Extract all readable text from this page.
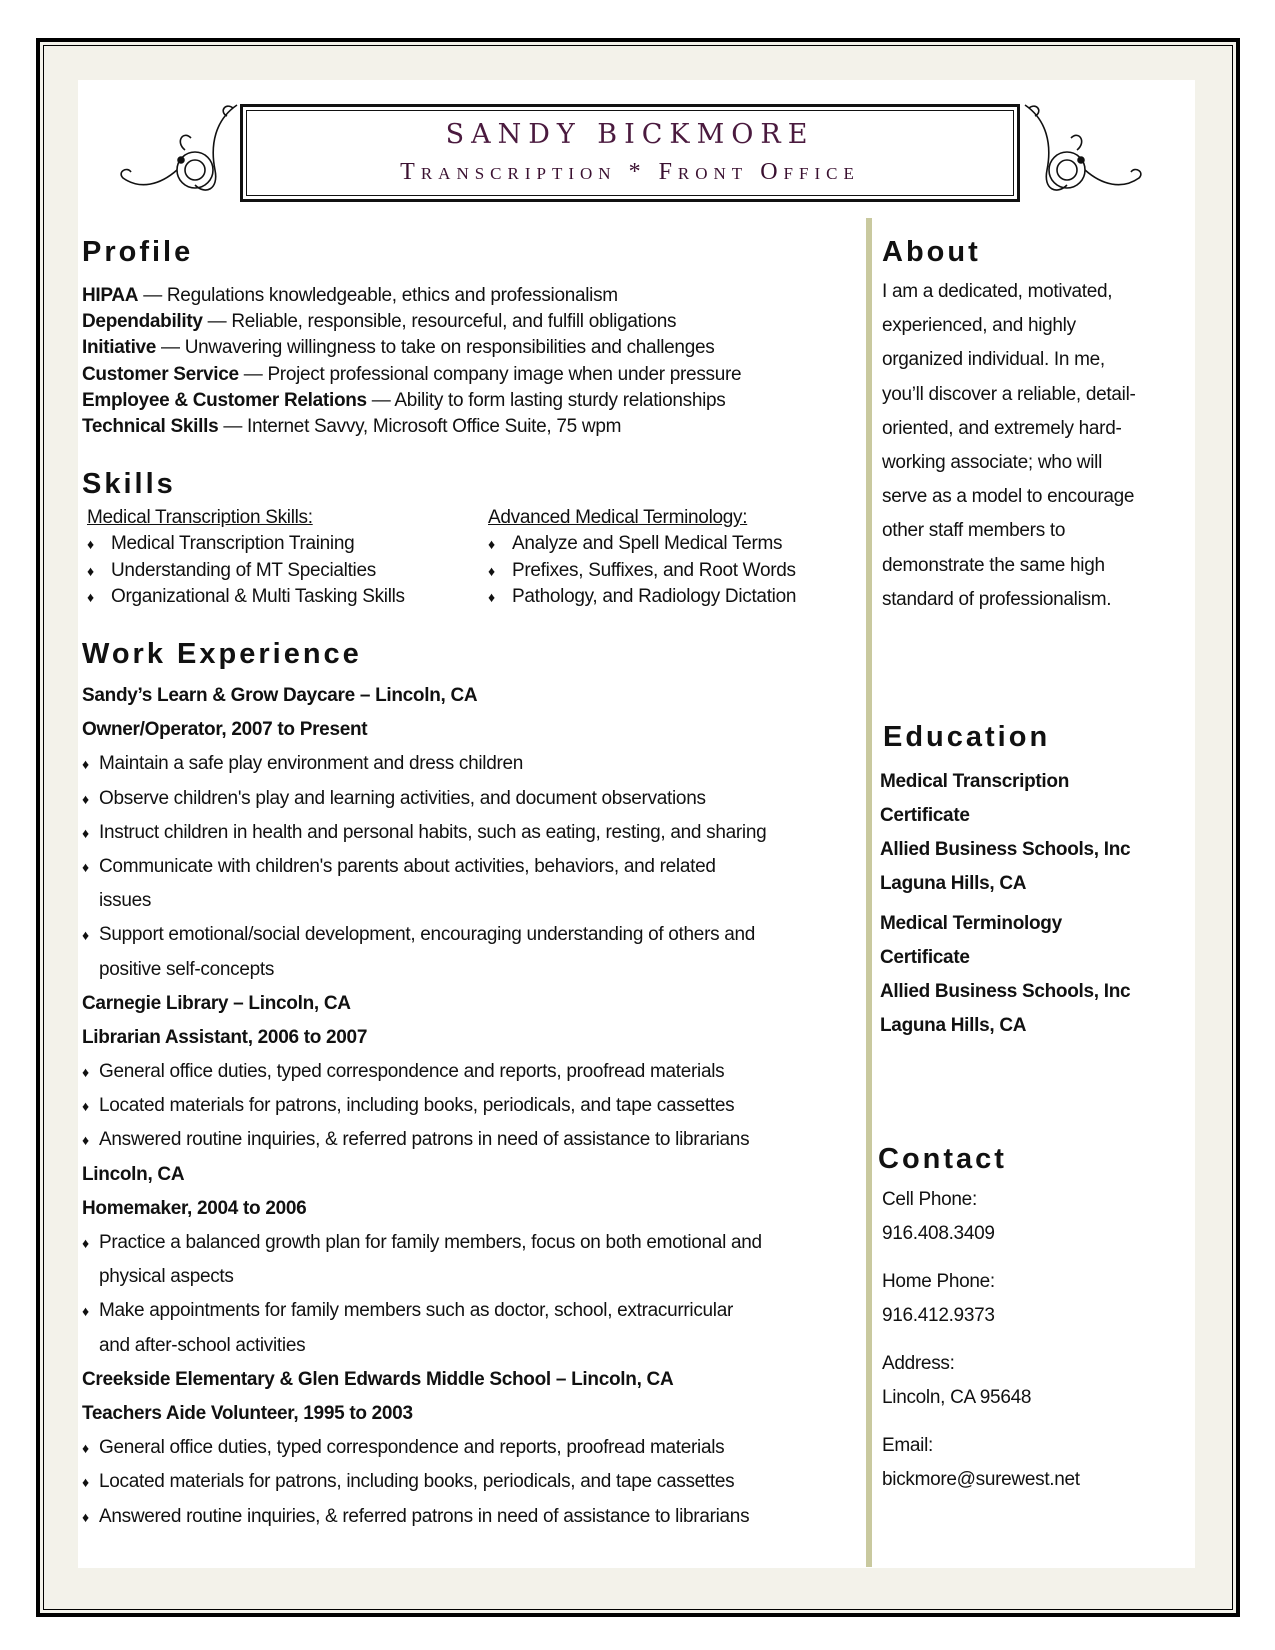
SANDY BICKMORE
Transcription * Front Office
Profile
HIPAA — Regulations knowledgeable, ethics and professionalism
Dependability — Reliable, responsible, resourceful, and fulfill obligations
Initiative — Unwavering willingness to take on responsibilities and challenges
Customer Service — Project professional company image when under pressure
Employee & Customer Relations — Ability to form lasting sturdy relationships
Technical Skills — Internet Savvy, Microsoft Office Suite, 75 wpm
Skills
Medical Transcription Skills:
♦ Medical Transcription Training
♦ Understanding of MT Specialties
♦ Organizational & Multi Tasking Skills
Advanced Medical Terminology:
♦ Analyze and Spell Medical Terms
♦ Prefixes, Suffixes, and Root Words
♦ Pathology, and Radiology Dictation
Work Experience
Sandy’s Learn & Grow Daycare – Lincoln, CA
Owner/Operator, 2007 to Present
♦ Maintain a safe play environment and dress children
♦ Observe children's play and learning activities, and document observations
♦ Instruct children in health and personal habits, such as eating, resting, and sharing
♦ Communicate with children's parents about activities, behaviors, and related
issues
♦ Support emotional/social development, encouraging understanding of others and
positive self-concepts
Carnegie Library – Lincoln, CA
Librarian Assistant, 2006 to 2007
♦ General office duties, typed correspondence and reports, proofread materials
♦ Located materials for patrons, including books, periodicals, and tape cassettes
♦ Answered routine inquiries, & referred patrons in need of assistance to librarians
Lincoln, CA
Homemaker, 2004 to 2006
♦ Practice a balanced growth plan for family members, focus on both emotional and
physical aspects
♦ Make appointments for family members such as doctor, school, extracurricular
and after-school activities
Creekside Elementary & Glen Edwards Middle School – Lincoln, CA
Teachers Aide Volunteer, 1995 to 2003
♦ General office duties, typed correspondence and reports, proofread materials
♦ Located materials for patrons, including books, periodicals, and tape cassettes
♦ Answered routine inquiries, & referred patrons in need of assistance to librarians
About
I am a dedicated, motivated,
experienced, and highly
organized individual. In me,
you’ll discover a reliable, detail-
oriented, and extremely hard-
working associate; who will
serve as a model to encourage
other staff members to
demonstrate the same high
standard of professionalism.
Education
Medical Transcription
Certificate
Allied Business Schools, Inc
Laguna Hills, CA
Medical Terminology
Certificate
Allied Business Schools, Inc
Laguna Hills, CA
Contact
Cell Phone:
916.408.3409
Home Phone:
916.412.9373
Address:
Lincoln, CA 95648
Email:
bickmore@surewest.net
